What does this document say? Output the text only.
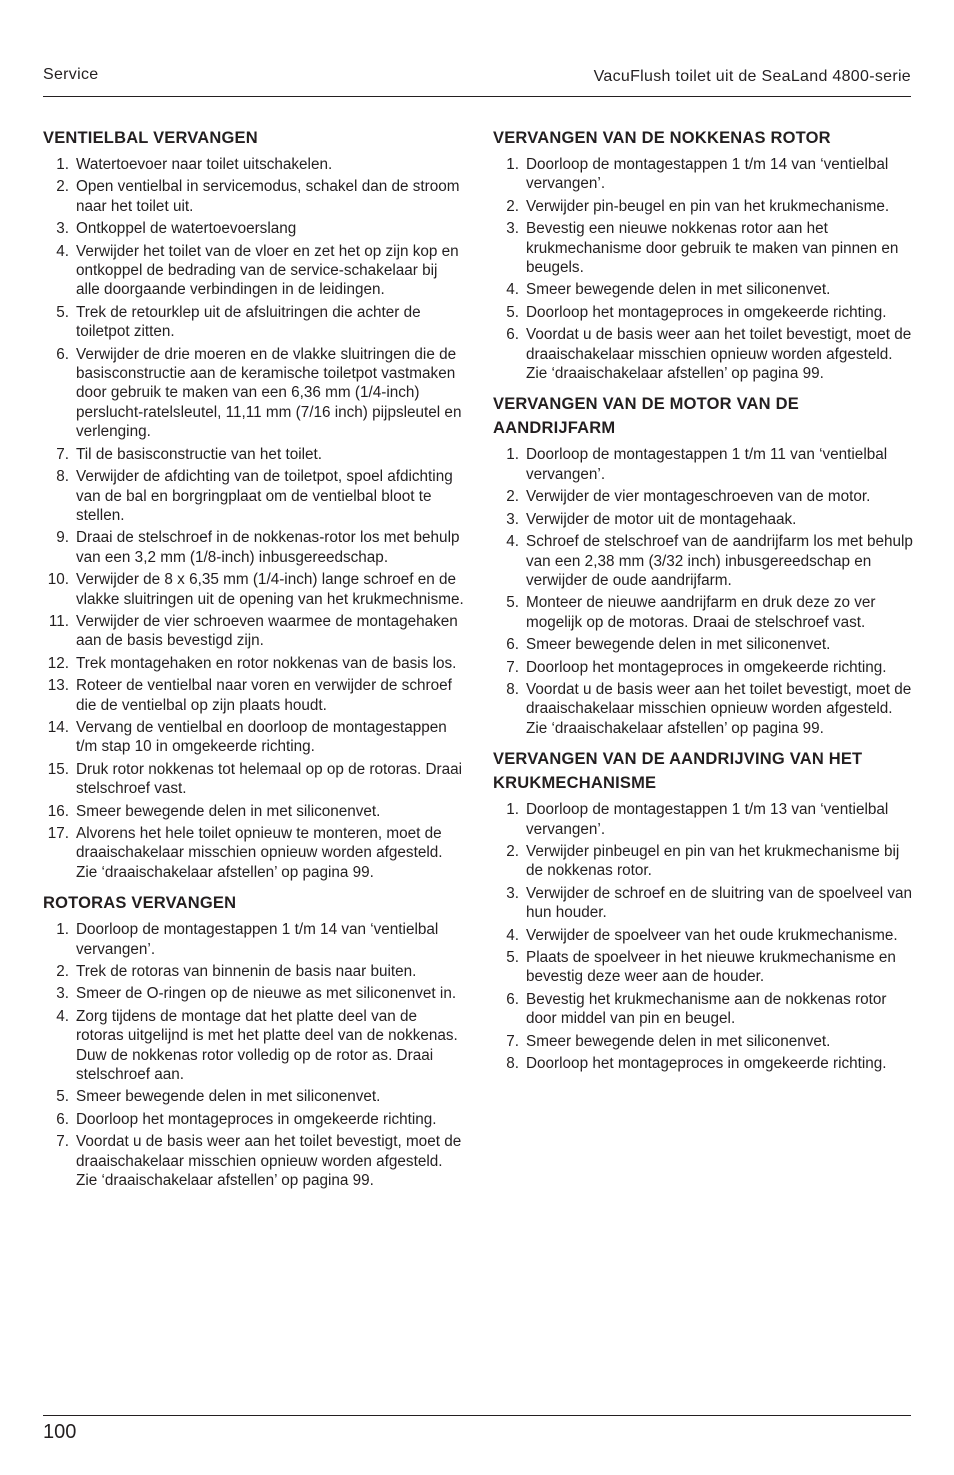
Service	VacuFlush toilet uit de SeaLand 4800-serie
VENTIELBAL VERVANGEN
1. Watertoevoer naar toilet uitschakelen.
2. Open ventielbal in servicemodus, schakel dan de stroom naar het toilet uit.
3. Ontkoppel de watertoevoerslang
4. Verwijder het toilet van de vloer en zet het op zijn kop en ontkoppel de bedrading van de service-schakelaar bij alle doorgaande verbindingen in de leidingen.
5. Trek de retourklep uit de afsluitringen die achter de toiletpot zitten.
6. Verwijder de drie moeren en de vlakke sluitringen die de basisconstructie aan de keramische toiletpot vastmaken door gebruik te maken van een 6,36 mm (1/4-inch) perslucht-ratelsleutel, 11,11 mm (7/16 inch) pijpsleutel en verlenging.
7. Til de basisconstructie van het toilet.
8. Verwijder de afdichting van de toiletpot, spoel afdichting van de bal en borgringplaat om de ventielbal bloot te stellen.
9. Draai de stelschroef in de nokkenas-rotor los met behulp van een 3,2 mm (1/8-inch) inbusgereedschap.
10. Verwijder de 8 x 6,35 mm (1/4-inch) lange schroef en de vlakke sluitringen uit de opening van het krukmechnisme.
11. Verwijder de vier schroeven waarmee de montagehaken aan de basis bevestigd zijn.
12. Trek montagehaken en rotor nokkenas van de basis los.
13. Roteer de ventielbal naar voren en verwijder de schroef die de ventielbal op zijn plaats houdt.
14. Vervang de ventielbal en doorloop de montagestappen t/m stap 10 in omgekeerde richting.
15. Druk rotor nokkenas tot helemaal op op de rotoras. Draai stelschroef vast.
16. Smeer bewegende delen in met siliconenvet.
17. Alvorens het hele toilet opnieuw te monteren, moet de draaischakelaar misschien opnieuw worden afgesteld. Zie ‘draaischakelaar afstellen’ op pagina 99.
ROTORAS VERVANGEN
1. Doorloop de montagestappen 1 t/m 14 van ‘ventielbal vervangen’.
2. Trek de rotoras van binnenin de basis naar buiten.
3. Smeer de O-ringen op de nieuwe as met siliconenvet in.
4. Zorg tijdens de montage dat het platte deel van de rotoras uitgelijnd is met het platte deel van de nokkenas. Duw de nokkenas rotor volledig op de rotor as. Draai stelschroef aan.
5. Smeer bewegende delen in met siliconenvet.
6. Doorloop het montageproces in omgekeerde richting.
7. Voordat u de basis weer aan het toilet bevestigt, moet de draaischakelaar misschien opnieuw worden afgesteld. Zie ‘draaischakelaar afstellen’ op pagina 99.
VERVANGEN VAN DE NOKKENAS ROTOR
1. Doorloop de montagestappen 1 t/m 14 van ‘ventielbal vervangen’.
2. Verwijder pin-beugel en pin van het krukmechanisme.
3. Bevestig een nieuwe nokkenas rotor aan het krukmechanisme door gebruik te maken van pinnen en beugels.
4. Smeer bewegende delen in met siliconenvet.
5. Doorloop het montageproces in omgekeerde richting.
6. Voordat u de basis weer aan het toilet bevestigt, moet de draaischakelaar misschien opnieuw worden afgesteld. Zie ‘draaischakelaar afstellen’ op pagina 99.
VERVANGEN VAN DE MOTOR VAN DE AANDRIJFARM
1. Doorloop de montagestappen 1 t/m 11 van ‘ventielbal vervangen’.
2. Verwijder de vier montageschroeven van de motor.
3. Verwijder de motor uit de montagehaak.
4. Schroef de stelschroef van de aandrijfarm los met behulp van een 2,38 mm (3/32 inch) inbusgereedschap en verwijder de oude aandrijfarm.
5. Monteer de nieuwe aandrijfarm en druk deze zo ver mogelijk op de motoras. Draai de stelschroef vast.
6. Smeer bewegende delen in met siliconenvet.
7. Doorloop het montageproces in omgekeerde richting.
8. Voordat u de basis weer aan het toilet bevestigt, moet de draaischakelaar misschien opnieuw worden afgesteld. Zie ‘draaischakelaar afstellen’ op pagina 99.
VERVANGEN VAN DE AANDRIJVING VAN HET KRUKMECHANISME
1. Doorloop de montagestappen 1 t/m 13 van ‘ventielbal vervangen’.
2. Verwijder pinbeugel en pin van het krukmechanisme bij de nokkenas rotor.
3. Verwijder de schroef en de sluitring van de spoelveel van hun houder.
4. Verwijder de spoelveer van het oude krukmechanisme.
5. Plaats de spoelveer in het nieuwe krukmechanisme en bevestig deze weer aan de houder.
6. Bevestig het krukmechanisme aan de nokkenas rotor door middel van pin en beugel.
7. Smeer bewegende delen in met siliconenvet.
8. Doorloop het montageproces in omgekeerde richting.
100
